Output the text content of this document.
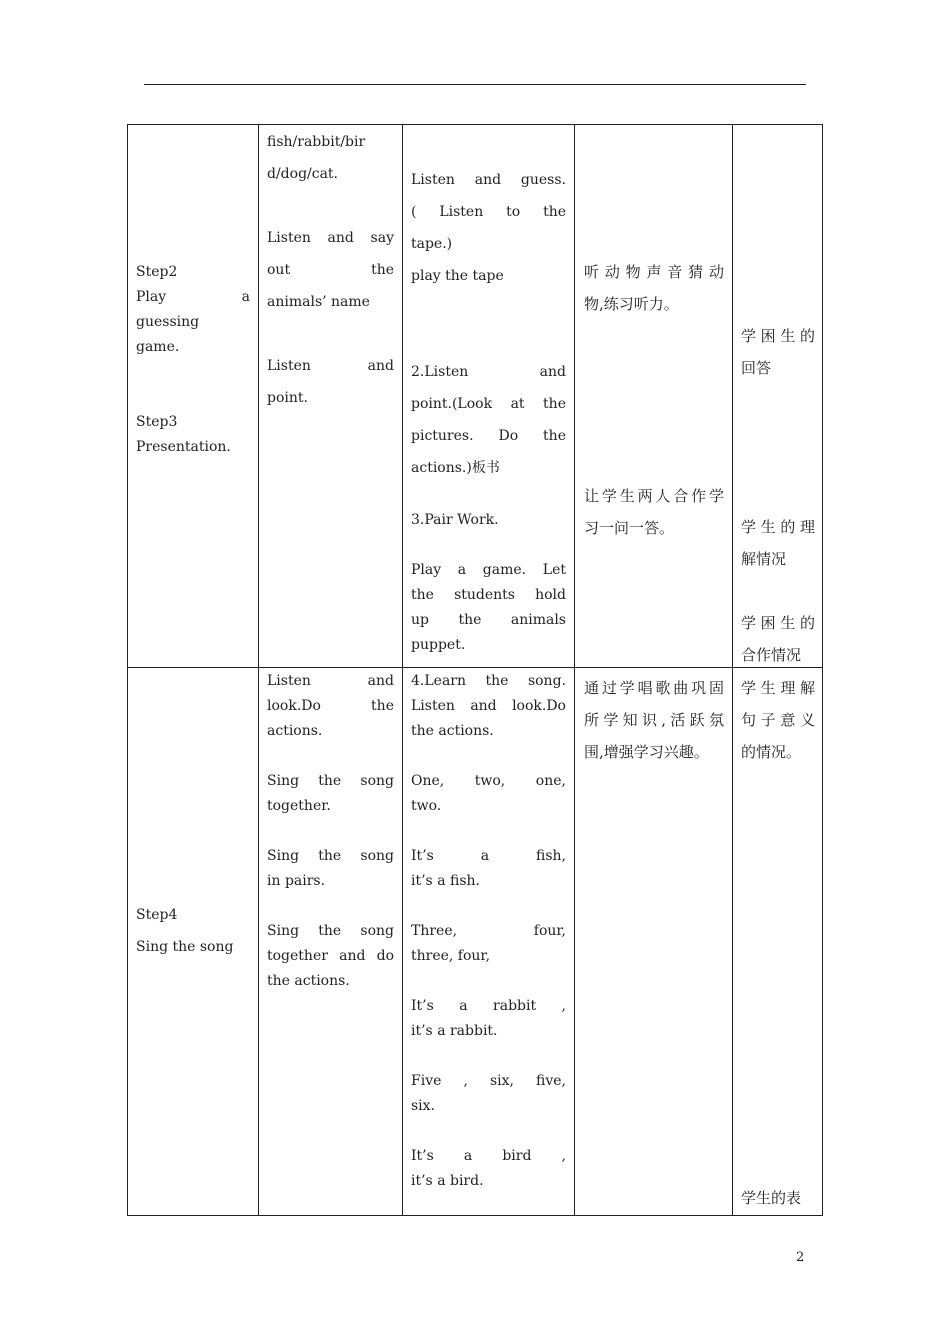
Step2

Play a

guessing

game.

Step3

Presentation.

fish/rabbit/bir

d/dog/cat.

Listen and say

out the

animals’ name

Listen and

point.

Listen and guess.

( Listen to the

tape.)

play the tape

2.Listen and

point.(Look at the

pictures. Do the

actions.)板书

3.Pair Work.

Play a game. Let

the students hold

up the animals

puppet.

听动物声音猜动

物,练习听力。

让学生两人合作学

习一问一答。

学困生的

回答

学生的理

解情况

学困生的

合作情况

Step4

Sing the song

Listen and

look.Do the

actions.

Sing the song

together.

Sing the song

in pairs.

Sing the song

together and do

the actions.

4.Learn the song.

Listen and look.Do

the actions.

One, two, one,

two.

It’s a fish,

it’s a fish.

Three, four,

three, four,

It’s a rabbit ,

it’s a rabbit.

Five , six, five,

six.

It’s a bird ,

it’s a bird.

通过学唱歌曲巩固

所学知识,活跃氛

围,增强学习兴趣。

学生理解

句子意义

的情况。

学生的表

2
